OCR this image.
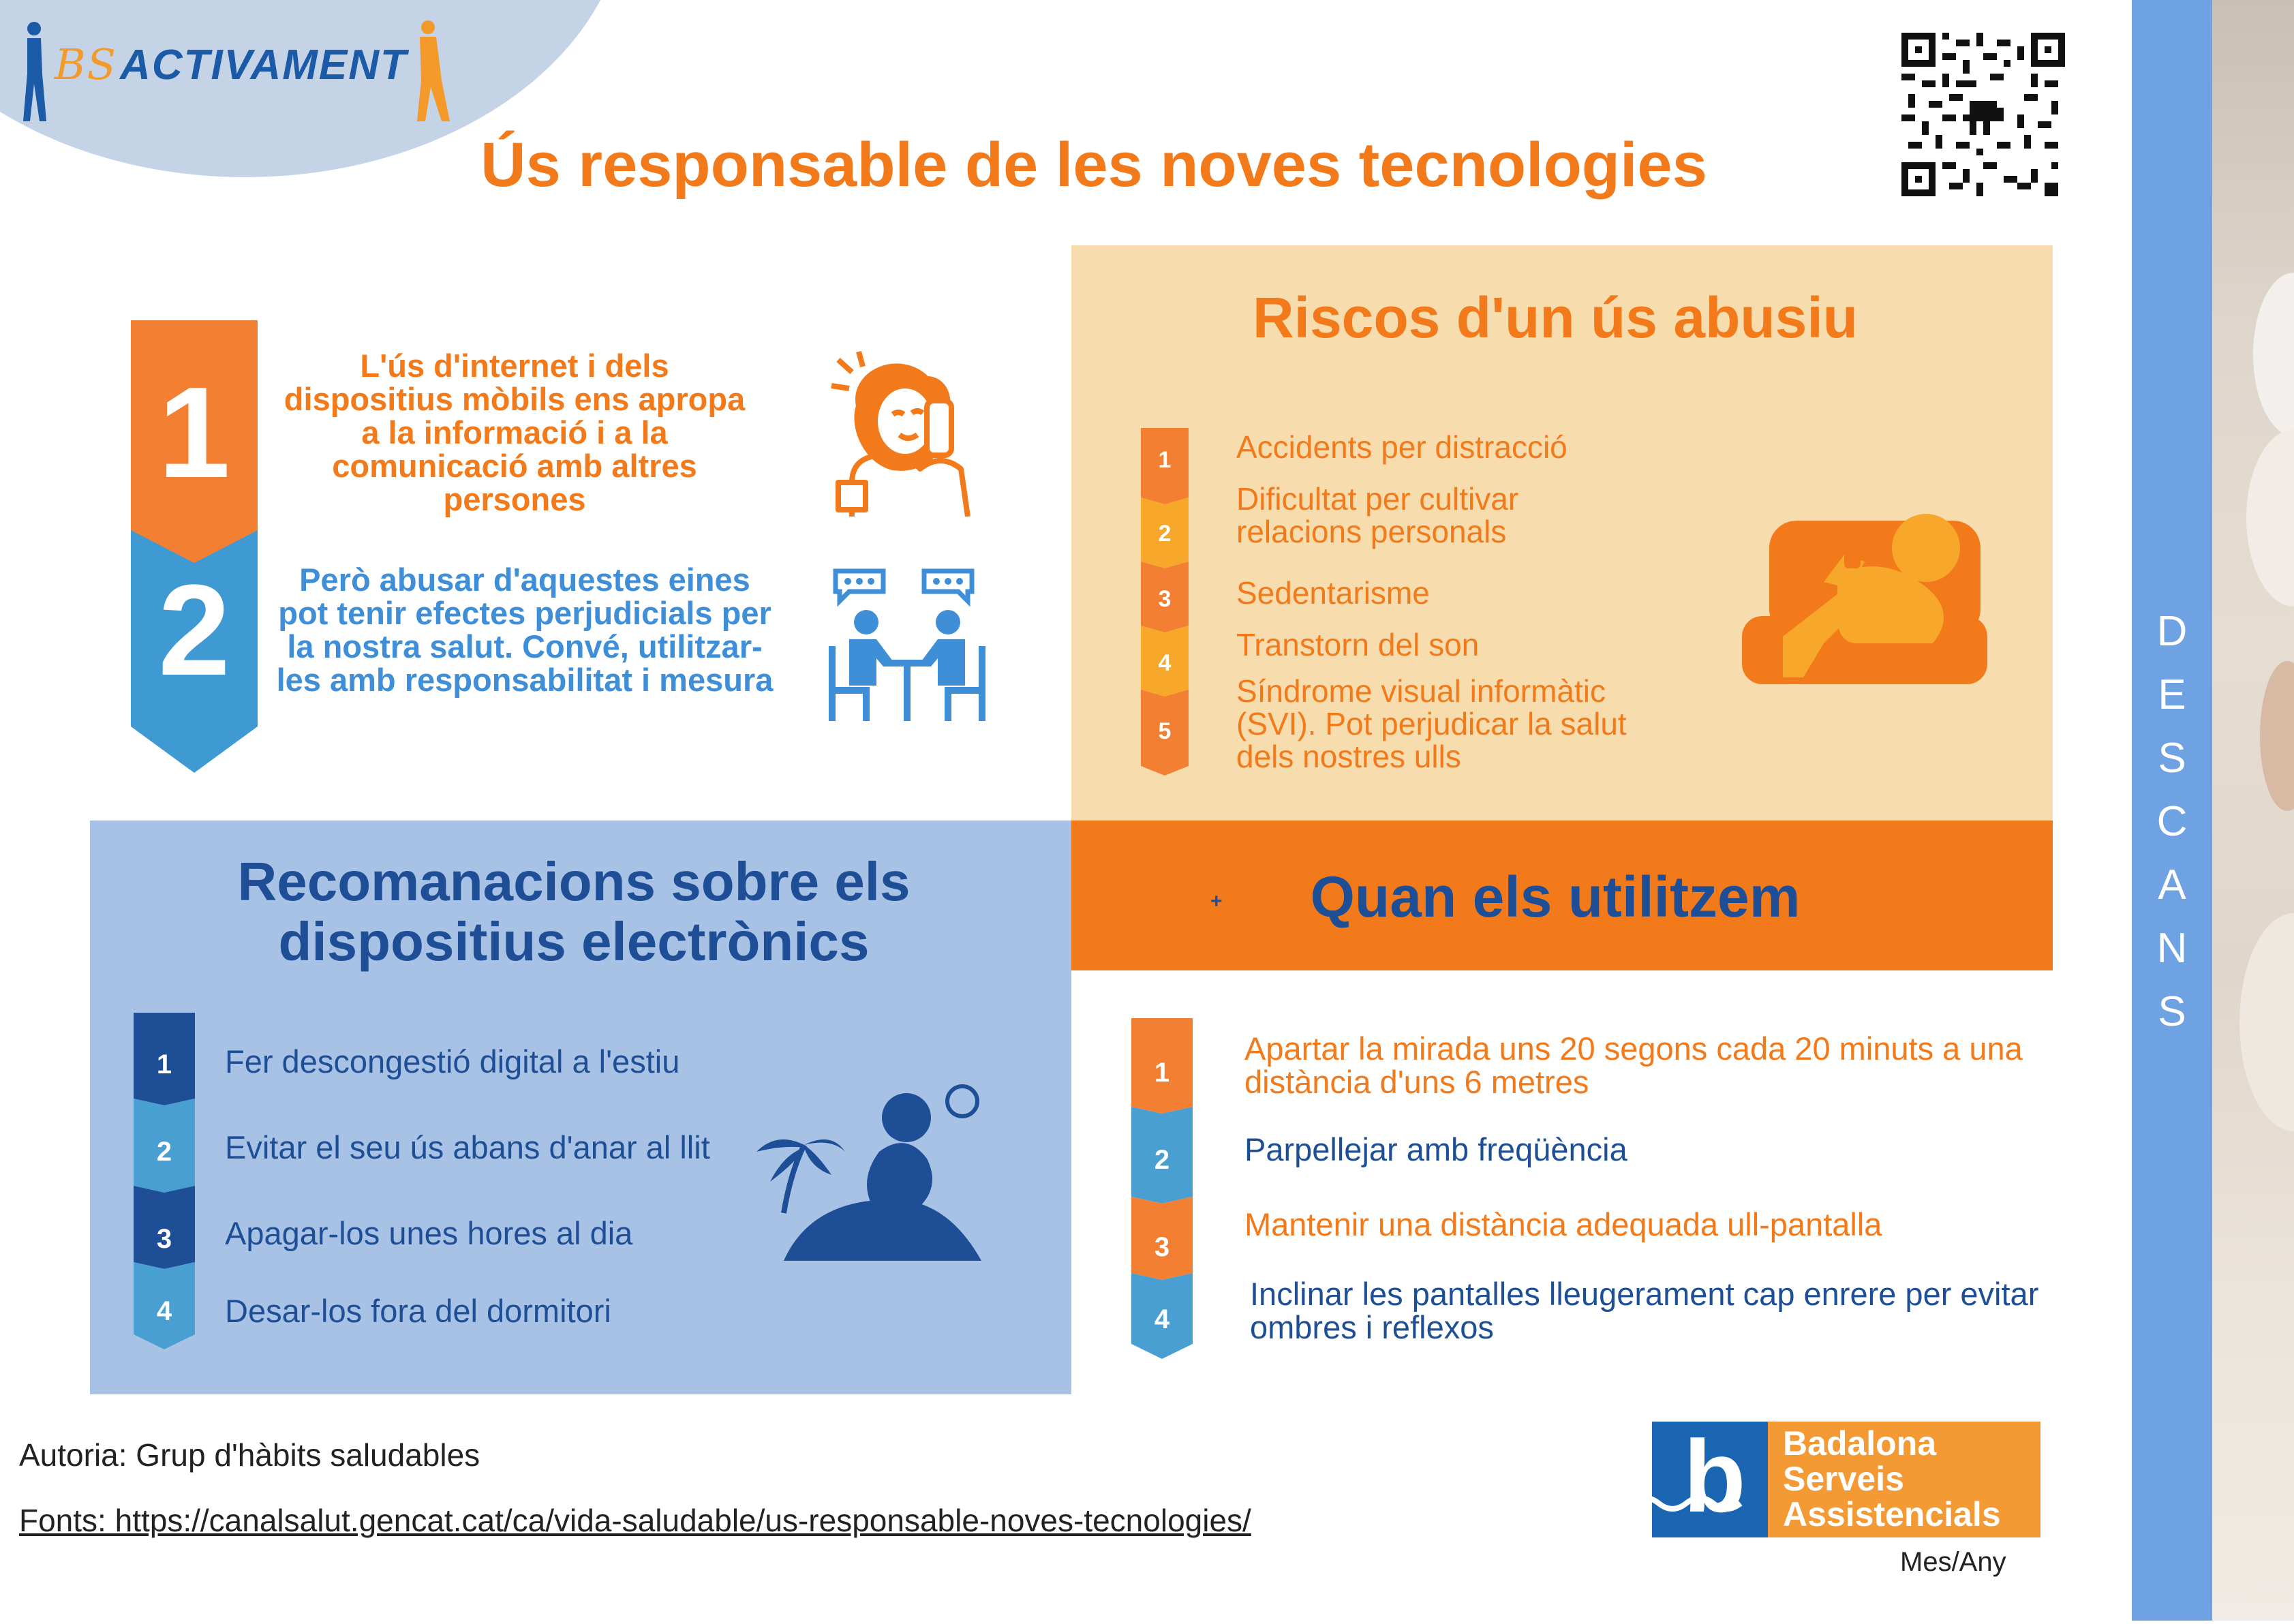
BSACTIVAMENT
Ús responsable de les noves tecnologies
D
E
S
C
A
N
S
2
1	L'ús d'internet i dels dispositius mòbils ens apropa a la informació i a la comunicació amb altres persones
Però abusar d'aquestes eines pot tenir efectes perjudicials per la nostra salut. Convé, utilitzar-les amb responsabilitat i mesura
Riscos d'un ús abusiu
1
2
3
4
5
Accidents per distracció
Dificultat per cultivar relacions personals
Sedentarisme
Transtorn del son
Síndrome visual informàtic (SVI). Pot perjudicar la salut dels nostres ulls
Recomanacions sobre els dispositius electrònics
1
2
3
4
Fer descongestió digital a l'estiu
Evitar el seu ús abans d'anar al llit
Apagar-los unes hores al dia
Desar-los fora del dormitori
+	Quan els utilitzem
1
2
3
4
Apartar la mirada uns 20 segons cada 20 minuts a una distància d'uns 6 metres
Parpellejar amb freqüència
Mantenir una distància adequada ull-pantalla
Inclinar les pantalles lleugerament cap enrere per evitar ombres i reflexos
Autoria: Grup d'hàbits saludables
Fonts: https://canalsalut.gencat.cat/ca/vida-saludable/us-responsable-noves-tecnologies/	b Badalona
Serveis
Assistencials
Mes/Any
